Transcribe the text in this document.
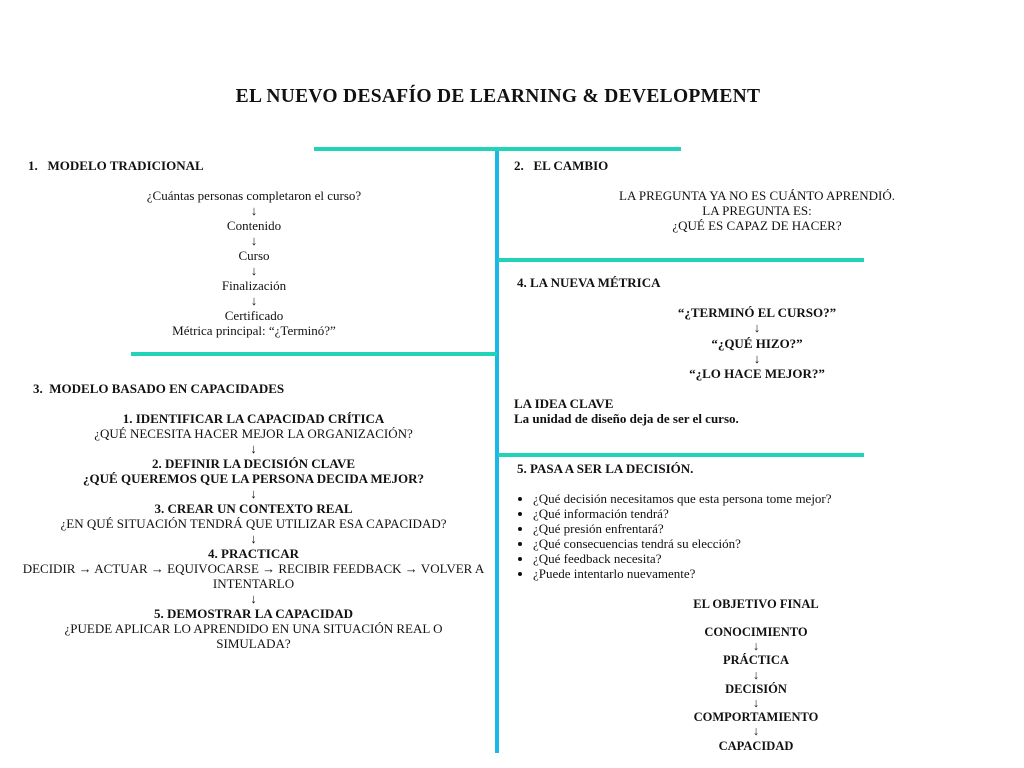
EL NUEVO DESAFÍO DE LEARNING & DEVELOPMENT
1.   MODELO TRADICIONAL
¿Cuántas personas completaron el curso?
↓
Contenido
↓
Curso
↓
Finalización
↓
Certificado
Métrica principal: “¿Terminó?”
2.   EL CAMBIO
LA PREGUNTA YA NO ES CUÁNTO APRENDIÓ.
LA PREGUNTA ES:
¿QUÉ ES CAPAZ DE HACER?
3.  MODELO BASADO EN CAPACIDADES
1. IDENTIFICAR LA CAPACIDAD CRÍTICA
¿QUÉ NECESITA HACER MEJOR LA ORGANIZACIÓN?
↓
2. DEFINIR LA DECISIÓN CLAVE
¿QUÉ QUEREMOS QUE LA PERSONA DECIDA MEJOR?
↓
3. CREAR UN CONTEXTO REAL
¿EN QUÉ SITUACIÓN TENDRÁ QUE UTILIZAR ESA CAPACIDAD?
↓
4. PRACTICAR
DECIDIR → ACTUAR → EQUIVOCARSE → RECIBIR FEEDBACK → VOLVER A INTENTARLO
↓
5. DEMOSTRAR LA CAPACIDAD
¿PUEDE APLICAR LO APRENDIDO EN UNA SITUACIÓN REAL O SIMULADA?
4. LA NUEVA MÉTRICA
“¿TERMINÓ EL CURSO?”
↓
“¿QUÉ HIZO?”
↓
“¿LO HACE MEJOR?”
LA IDEA CLAVE
La unidad de diseño deja de ser el curso.
5. PASA A SER LA DECISIÓN.
• ¿Qué decisión necesitamos que esta persona tome mejor?
• ¿Qué información tendrá?
• ¿Qué presión enfrentará?
• ¿Qué consecuencias tendrá su elección?
• ¿Qué feedback necesita?
• ¿Puede intentarlo nuevamente?
EL OBJETIVO FINAL
CONOCIMIENTO
↓
PRÁCTICA
↓
DECISIÓN
↓
COMPORTAMIENTO
↓
CAPACIDAD
